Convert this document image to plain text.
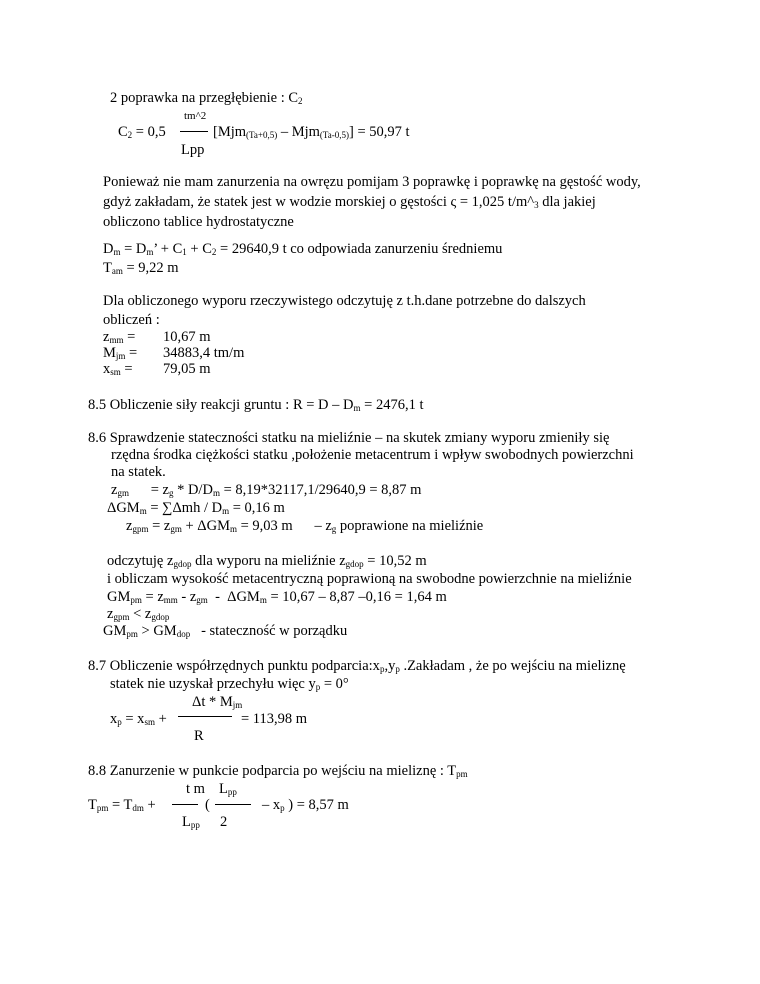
2 poprawka na przegłębienie : $C_2$
tm^2
$C_2 = 0,5$	[Mjm$_{(Ta+0,5)}$ – Mjm$_{(Ta-0,5)}$] = 50,97 t
Lpp
Ponieważ nie mam zanurzenia na owręzu pomijam 3 poprawkę i poprawkę na gęstość wody,
gdyż zakładam, że statek jest w wodzie morskiej o gęstości ς = 1,025 $t/m\^{}_3$ dla jakiej
obliczono tablice hydrostatyczne
$D_m = D_m$’ + $C_1 + C_2 = 29640,9$ t co odpowiada zanurzeniu średniemu
$T_{am} = 9,22$ m
Dla obliczonego wyporu rzeczywistego odczytuję z t.h.dane potrzebne do dalszych
obliczeń :
$z_{mm} = 10,67$ m
$M_{jm} = 34883,4$ tm/m
$x_{sm} = 79,05$ m
8.5 Obliczenie siły reakcji gruntu : $R = D - D_m = 2476,1$ t
8.6 Sprawdzenie stateczności statku na mieliźnie – na skutek zmiany wyporu zmieniły się
rzędna środka ciężkości statku ,położenie metacentrum i wpływ swobodnych powierzchni
na statek.
$z_{gm}$      = $z_g * D/D_m = 8,19*32117,1/29640,9 = 8,87$ m
$\Delta GM_m = \sum\Delta mh / D_m = 0,16$ m
$z_{gpm} = z_{gm} + \Delta GM_m = 9,03$ m      – $z_g$ poprawione na mieliźnie
odczytuję $z_{gdop}$ dla wyporu na mieliźnie $z_{gdop} = 10,52$ m
i obliczam wysokość metacentryczną poprawioną na swobodne powierzchnie na mieliźnie
$GM_{pm} = z_{mm} - z_{gm} - \Delta GM_m = 10,67 - 8,87$ –0,16 = 1,64 m
$z_{gpm} < z_{gdop}$
$GM_{pm} > GM_{dop}$   - stateczność w porządku
8.7 Obliczenie współrzędnych punktu $podparcia:x_p,y_p$ .Zakładam , że po wejściu na mieliznę
statek nie uzyskał przechyłu więc $y_p = 0^\circ$
Δt * $M_{jm}$
$x_p = x_{sm}$ +	= 113,98 m
R
8.8 Zanurzenie w punkcie podparcia po wejściu na mieliznę : $T_{pm}$
t m $L_{pp}$
$T_{pm} = T_{dm}$ +	(	– $x_p$ ) = 8,57 m
$L_{pp}$ 2
